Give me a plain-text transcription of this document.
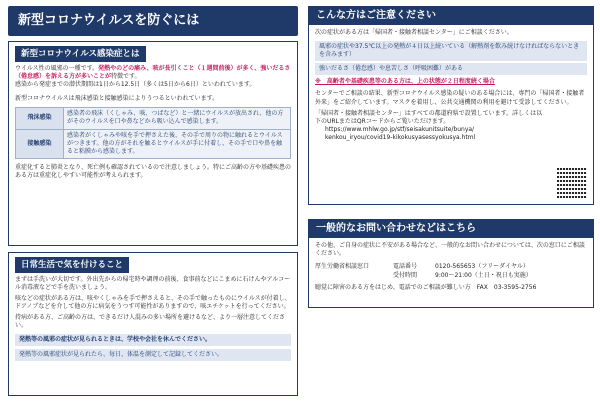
新型コロナウイルスを防ぐには
新型コロナウイルス感染症とは
ウイルス性の風邪の一種です。発熱やのどの痛み、咳が長引くこと（１週間前後）が多く、強いだるさ（倦怠感）を訴える方が多いことが特徴です。
感染から発症までの潜伏期間は1日から12.5日（多くは5日から6日）といわれています。
新型コロナウイルスは飛沫感染と接触感染によりうつるといわれています。
飛沫感染	感染者の飛沫（くしゃみ、咳、つばなど）と一緒にウイルスが放出され、他の方がそのウイルスを口や鼻などから吸い込んで感染します。
接触感染	感染者がくしゃみや咳を手で押さえた後、その手で周りの物に触れるとウイルスがつきます。他の方がそれを触るとウイルスが手に付着し、その手で口や鼻を触ると粘膜から感染します。
重症化すると肺炎となり、死亡例も確認されているので注意しましょう。特にご高齢の方や基礎疾患のある方は重症化しやすい可能性が考えられます。
日常生活で気を付けること
まずは手洗いが大切です。外出先からの帰宅時や調理の前後、食事前などにこまめに石けんやアルコール消毒液などで手を洗いましょう。
咳などの症状がある方は、咳やくしゃみを手で押さえると、その手で触ったものにウイルスが付着し、ドアノブなどを介して他の方に病気をうつす可能性がありますので、咳エチケットを行ってください。
持病がある方、ご高齢の方は、できるだけ人混みの多い場所を避けるなど、より一層注意してください。
発熱等の風邪の症状が見られるときは、学校や会社を休んでください。
発熱等の風邪症状が見られたら、毎日、体温を測定して記録してください。
こんな方はご注意ください
次の症状がある方は「帰国者・接触者相談センター」にご相談ください。
風邪の症状や37.5℃以上の発熱が４日以上続いている（解熱剤を飲み続けなければならないときを含みます）
強いだるさ（倦怠感）や息苦しさ（呼吸困難）がある
※　高齢者や基礎疾患等のある方は、上の状態が２日程度続く場合
センターでご相談の結果、新型コロナウイルス感染の疑いのある場合には、専門の「帰国者・接触者外来」をご紹介しています。マスクを着用し、公共交通機関の利用を避けて受診してください。
「帰国者・接触者相談センター」はすべての都道府県で設置しています。詳しくは以下のURLまたはQRコードからご覧いただけます。
https://www.mhlw.go.jp/stf/seisakunitsuite/bunya/
kenkou_iryou/covid19-kikokusyasessyokusya.html
一般的なお問い合わせなどはこちら
その他、ご自身の症状に不安がある場合など、一般的なお問い合わせについては、次の窓口にご相談ください。
厚生労働省相談窓口	電話番号	0120-565653（フリーダイヤル）
受付時間	9:00～21:00（土日・祝日も実施）
聴覚に障害のある方をはじめ、電話でのご相談が難しい方　FAX　03-3595-2756
